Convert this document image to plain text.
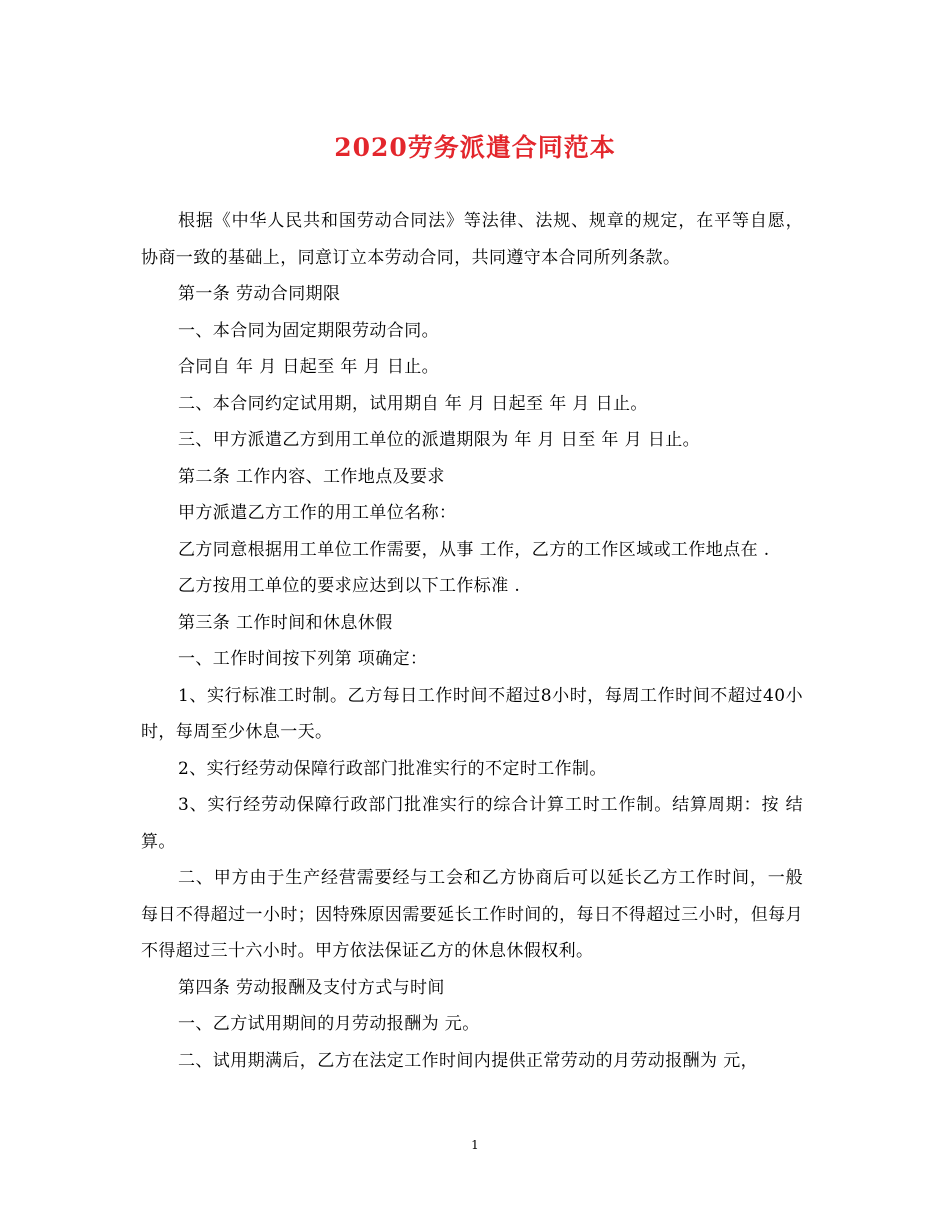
2020劳务派遣合同范本

根据《中华人民共和国劳动合同法》等法律、法规、规章的规定，在平等自愿，协商一致的基础上，同意订立本劳动合同，共同遵守本合同所列条款。

第一条 劳动合同期限

一、本合同为固定期限劳动合同。

合同自 年 月 日起至 年 月 日止。

二、本合同约定试用期，试用期自 年 月 日起至 年 月 日止。

三、甲方派遣乙方到用工单位的派遣期限为 年 月 日至 年 月 日止。

第二条 工作内容、工作地点及要求

甲方派遣乙方工作的用工单位名称：

乙方同意根据用工单位工作需要，从事 工作，乙方的工作区域或工作地点在 .

乙方按用工单位的要求应达到以下工作标准 .

第三条 工作时间和休息休假

一、工作时间按下列第 项确定：

1、实行标准工时制。乙方每日工作时间不超过8小时，每周工作时间不超过40小时，每周至少休息一天。

2、实行经劳动保障行政部门批准实行的不定时工作制。

3、实行经劳动保障行政部门批准实行的综合计算工时工作制。结算周期：按 结算。

二、甲方由于生产经营需要经与工会和乙方协商后可以延长乙方工作时间，一般每日不得超过一小时；因特殊原因需要延长工作时间的，每日不得超过三小时，但每月不得超过三十六小时。甲方依法保证乙方的休息休假权利。

第四条 劳动报酬及支付方式与时间

一、乙方试用期间的月劳动报酬为 元。

二、试用期满后，乙方在法定工作时间内提供正常劳动的月劳动报酬为 元，

1
